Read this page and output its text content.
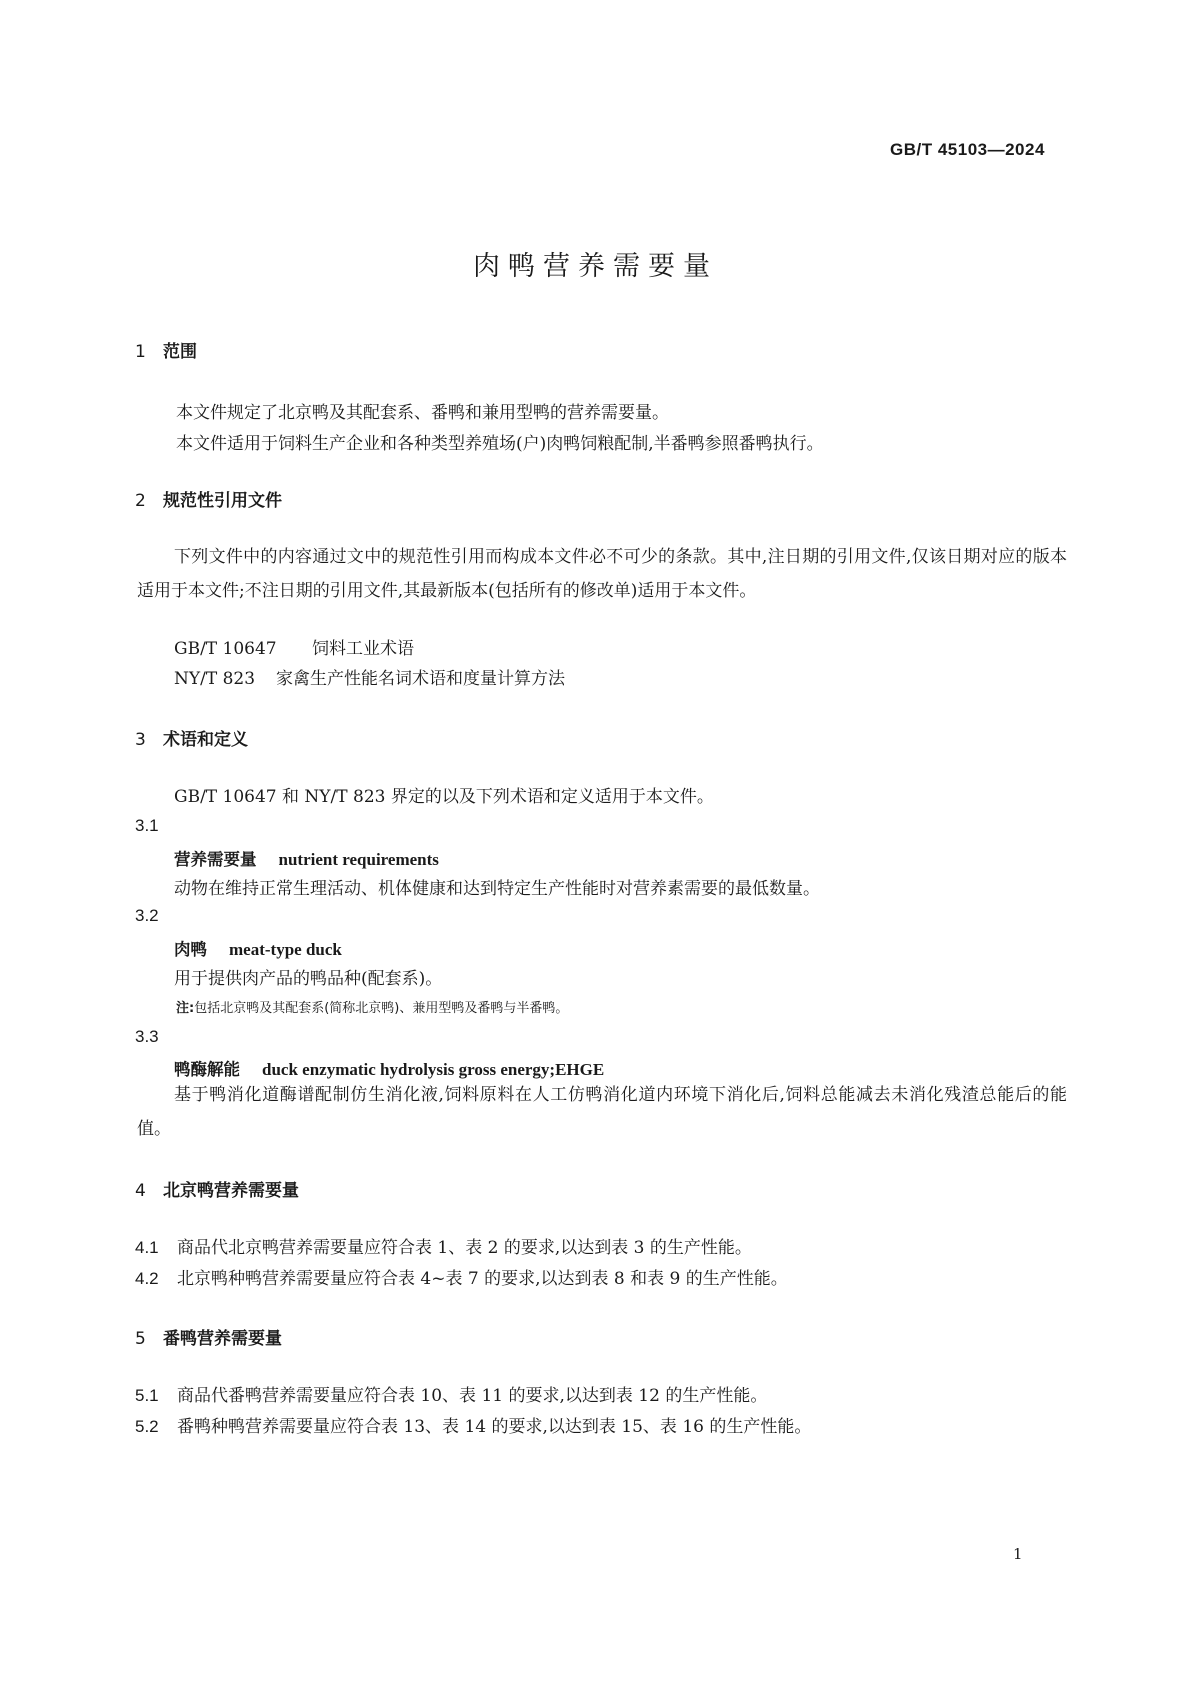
GB/T 45103—2024
肉鸭营养需要量
1 范围
本文件规定了北京鸭及其配套系、番鸭和兼用型鸭的营养需要量。
本文件适用于饲料生产企业和各种类型养殖场(户)肉鸭饲粮配制,半番鸭参照番鸭执行。
2 规范性引用文件
下列文件中的内容通过文中的规范性引用而构成本文件必不可少的条款。其中,注日期的引用文件,仅该日期对应的版本适用于本文件;不注日期的引用文件,其最新版本(包括所有的修改单)适用于本文件。
GB/T 10647 饲料工业术语
NY/T 823 家禽生产性能名词术语和度量计算方法
3 术语和定义
GB/T 10647 和 NY/T 823 界定的以及下列术语和定义适用于本文件。
3.1
营养需要量 nutrient requirements
动物在维持正常生理活动、机体健康和达到特定生产性能时对营养素需要的最低数量。
3.2
肉鸭 meat-type duck
用于提供肉产品的鸭品种(配套系)。
注:包括北京鸭及其配套系(简称北京鸭)、兼用型鸭及番鸭与半番鸭。
3.3
鸭酶解能 duck enzymatic hydrolysis gross energy;EHGE
基于鸭消化道酶谱配制仿生消化液,饲料原料在人工仿鸭消化道内环境下消化后,饲料总能减去未消化残渣总能后的能值。
4 北京鸭营养需要量
4.1 商品代北京鸭营养需要量应符合表 1、表 2 的要求,以达到表 3 的生产性能。
4.2 北京鸭种鸭营养需要量应符合表 4~表 7 的要求,以达到表 8 和表 9 的生产性能。
5 番鸭营养需要量
5.1 商品代番鸭营养需要量应符合表 10、表 11 的要求,以达到表 12 的生产性能。
5.2 番鸭种鸭营养需要量应符合表 13、表 14 的要求,以达到表 15、表 16 的生产性能。
1
